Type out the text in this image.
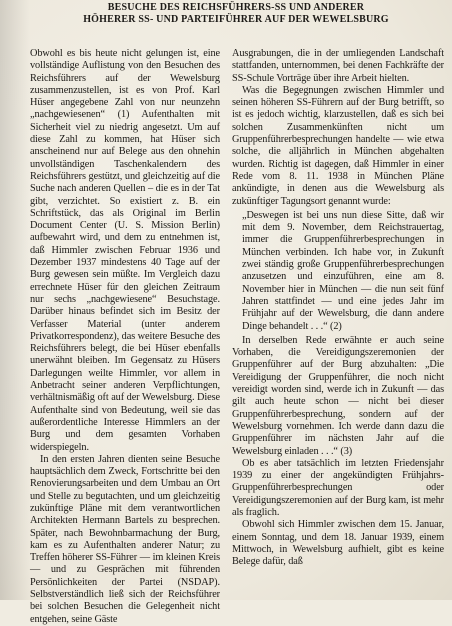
BESUCHE DES REICHSFÜHRERS-SS UND ANDERER
HÖHERER SS- UND PARTEIFÜHRER AUF DER WEWELSBURG

Obwohl es bis heute nicht gelungen ist, eine vollständige Auflistung von den Besuchen des Reichsführers auf der Wewelsburg zusammenzustellen, ist es von Prof. Karl Hüser angegebene Zahl von nur neunzehn „nachgewiesenen“ (1) Aufenthalten mit Sicherheit viel zu niedrig angesetzt. Um auf diese Zahl zu kommen, hat Hüser sich anscheinend nur auf Belege aus den ohnehin unvollständigen Taschenkalendern des Reichsführers gestützt, und gleichzeitig auf die Suche nach anderen Quellen – die es in der Tat gibt, verzichtet. So existiert z. B. ein Schriftstück, das als Original im Berlin Document Center (U. S. Mission Berlin) aufbewahrt wird, und dem zu entnehmen ist, daß Himmler zwischen Februar 1936 und Dezember 1937 mindestens 40 Tage auf der Burg gewesen sein müßte. Im Vergleich dazu errechnete Hüser für den gleichen Zeitraum nur sechs „nachgewiesene“ Besuchstage. Darüber hinaus befindet sich im Besitz der Verfasser Material (unter anderem Privatkorrespondenz), das weitere Besuche des Reichsführers belegt, die bei Hüser ebenfalls unerwähnt bleiben. Im Gegensatz zu Hüsers Darlegungen weilte Himmler, vor allem in Anbetracht seiner anderen Verpflichtungen, verhältnismäßig oft auf der Wewelsburg. Diese Aufenthalte sind von Bedeutung, weil sie das außerordentliche Interesse Himmlers an der Burg und dem gesamten Vorhaben widerspiegeln.

In den ersten Jahren dienten seine Besuche hauptsächlich dem Zweck, Fortschritte bei den Renovierungsarbeiten und dem Umbau an Ort und Stelle zu begutachten, und um gleichzeitig zukünftige Pläne mit dem verantwortlichen Architekten Hermann Bartels zu besprechen. Später, nach Bewohnbarmachung der Burg, kam es zu Aufenthalten anderer Natur; zu Treffen höherer SS-Führer — im kleinen Kreis — und zu Gesprächen mit führenden Persönlichkeiten der Partei (NSDAP). Selbstverständlich ließ sich der Reichsführer bei solchen Besuchen die Gelegenheit nicht entgehen, seine Gäste

Ausgrabungen, die in der umliegenden Landschaft stattfanden, unternommen, bei denen Fachkräfte der SS-Schule Vorträge über ihre Arbeit hielten.

Was die Begegnungen zwischen Himmler und seinen höheren SS-Führern auf der Burg betrifft, so ist es jedoch wichtig, klarzustellen, daß es sich bei solchen Zusammenkünften nicht um Gruppenführerbesprechungen handelte — wie etwa solche, die alljährlich in München abgehalten wurden. Richtig ist dagegen, daß Himmler in einer Rede vom 8. 11. 1938 in München Pläne ankündigte, in denen aus die Wewelsburg als zukünftiger Tagungsort genannt wurde:

„Deswegen ist bei uns nun diese Sitte, daß wir mit dem 9. November, dem Reichstrauertag, immer die Gruppenführerbesprechungen in München verbinden. Ich habe vor, in Zukunft zwei ständig große Gruppenführerbesprechungen anzusetzen und einzuführen, eine am 8. November hier in München — die nun seit fünf Jahren stattfindet — und eine jedes Jahr im Frühjahr auf der Wewelsburg, die dann andere Dinge behandelt . . .“ (2)

In derselben Rede erwähnte er auch seine Vorhaben, die Vereidigungszeremonien der Gruppenführer auf der Burg abzuhalten: „Die Vereidigung der Gruppenführer, die noch nicht vereidigt worden sind, werde ich in Zukunft — das gilt auch heute schon — nicht bei dieser Gruppenführerbesprechung, sondern auf der Wewelsburg vornehmen. Ich werde dann dazu die Gruppenführer im nächsten Jahr auf die Wewelsburg einladen . . .“ (3)

Ob es aber tatsächlich im letzten Friedensjahr 1939 zu einer der angekündigten Frühjahrs-Gruppenführerbesprechungen oder Vereidigungszeremonien auf der Burg kam, ist mehr als fraglich.

Obwohl sich Himmler zwischen dem 15. Januar, einem Sonntag, und dem 18. Januar 1939, einem Mittwoch, in Wewelsburg aufhielt, gibt es keine Belege dafür, daß
